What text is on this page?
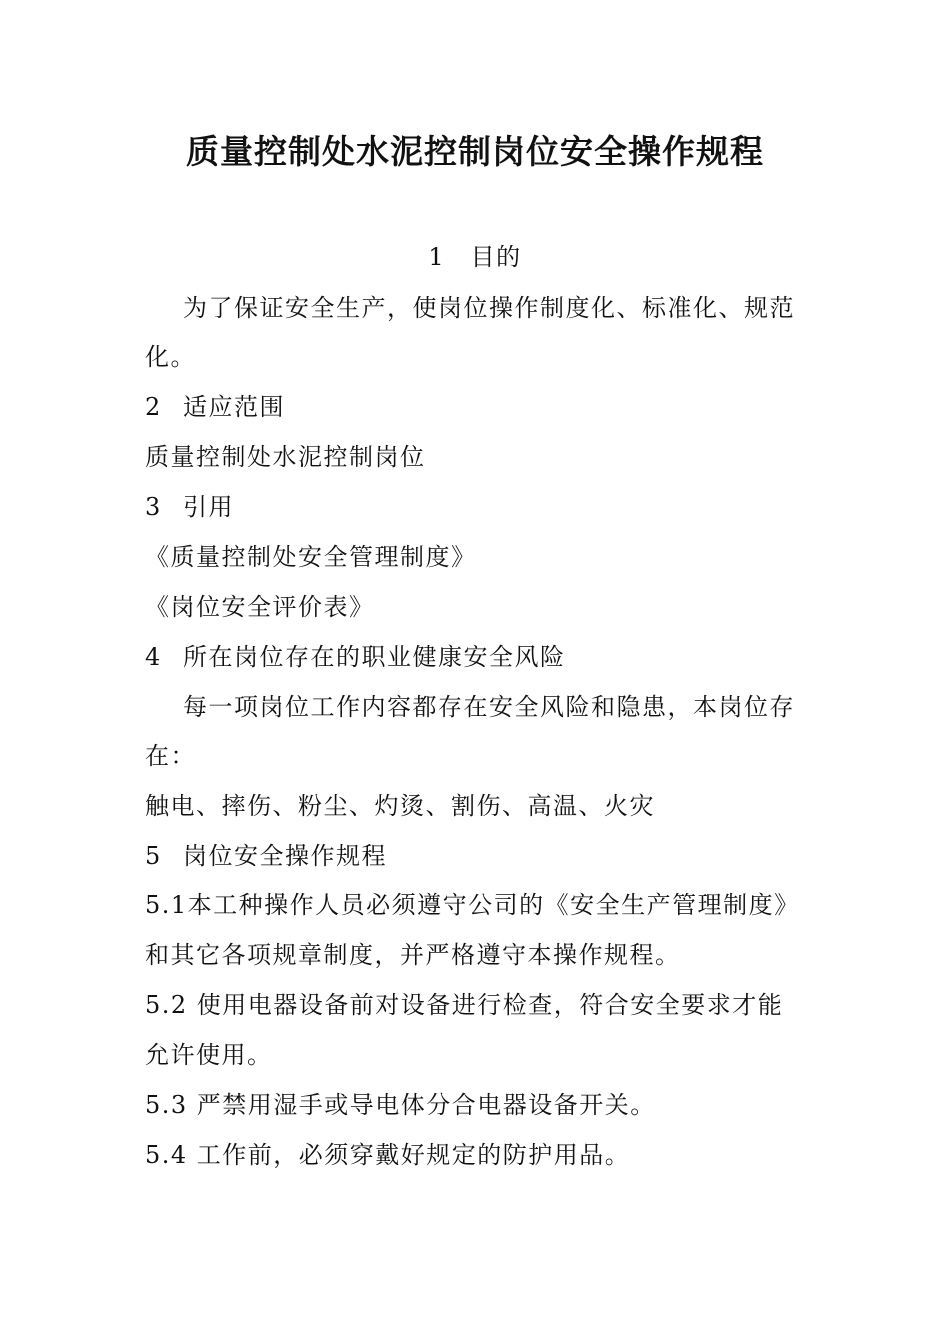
质量控制处水泥控制岗位安全操作规程
1　目的
为了保证安全生产，使岗位操作制度化、标准化、规范
化。
2 适应范围
质量控制处水泥控制岗位
3 引用
《质量控制处安全管理制度》
《岗位安全评价表》
4 所在岗位存在的职业健康安全风险
每一项岗位工作内容都存在安全风险和隐患，本岗位存
在：
触电、摔伤、粉尘、灼烫、割伤、高温、火灾
5 岗位安全操作规程
5.1本工种操作人员必须遵守公司的《安全生产管理制度》
和其它各项规章制度，并严格遵守本操作规程。
5.2 使用电器设备前对设备进行检查，符合安全要求才能
允许使用。
5.3 严禁用湿手或导电体分合电器设备开关。
5.4 工作前，必须穿戴好规定的防护用品。
